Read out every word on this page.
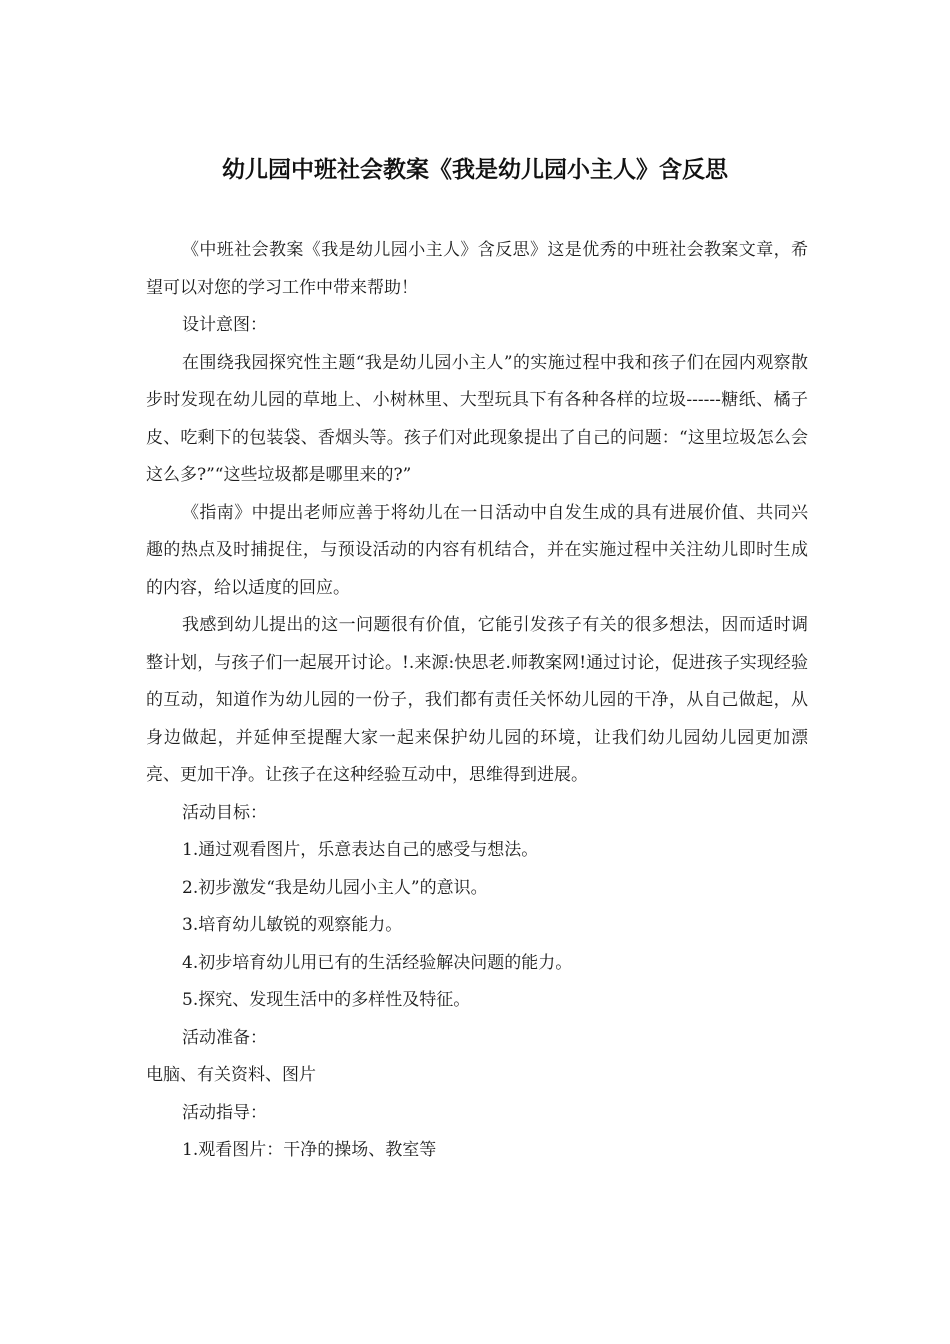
幼儿园中班社会教案《我是幼儿园小主人》含反思

《中班社会教案《我是幼儿园小主人》含反思》这是优秀的中班社会教案文章，希望可以对您的学习工作中带来帮助！

设计意图：

在围绕我园探究性主题“我是幼儿园小主人”的实施过程中我和孩子们在园内观察散步时发现在幼儿园的草地上、小树林里、大型玩具下有各种各样的垃圾------糖纸、橘子皮、吃剩下的包装袋、香烟头等。孩子们对此现象提出了自己的问题：“这里垃圾怎么会这么多?”“这些垃圾都是哪里来的?”

《指南》中提出老师应善于将幼儿在一日活动中自发生成的具有进展价值、共同兴趣的热点及时捕捉住，与预设活动的内容有机结合，并在实施过程中关注幼儿即时生成的内容，给以适度的回应。

我感到幼儿提出的这一问题很有价值，它能引发孩子有关的很多想法，因而适时调整计划，与孩子们一起展开讨论。!.来源:快思老.师教案网!通过讨论，促进孩子实现经验的互动，知道作为幼儿园的一份子，我们都有责任关怀幼儿园的干净，从自己做起，从身边做起，并延伸至提醒大家一起来保护幼儿园的环境，让我们幼儿园幼儿园更加漂亮、更加干净。让孩子在这种经验互动中，思维得到进展。

活动目标：

1.通过观看图片，乐意表达自己的感受与想法。

2.初步激发“我是幼儿园小主人”的意识。

3.培育幼儿敏锐的观察能力。

4.初步培育幼儿用已有的生活经验解决问题的能力。

5.探究、发现生活中的多样性及特征。

活动准备：

电脑、有关资料、图片

活动指导：

1.观看图片：干净的操场、教室等
